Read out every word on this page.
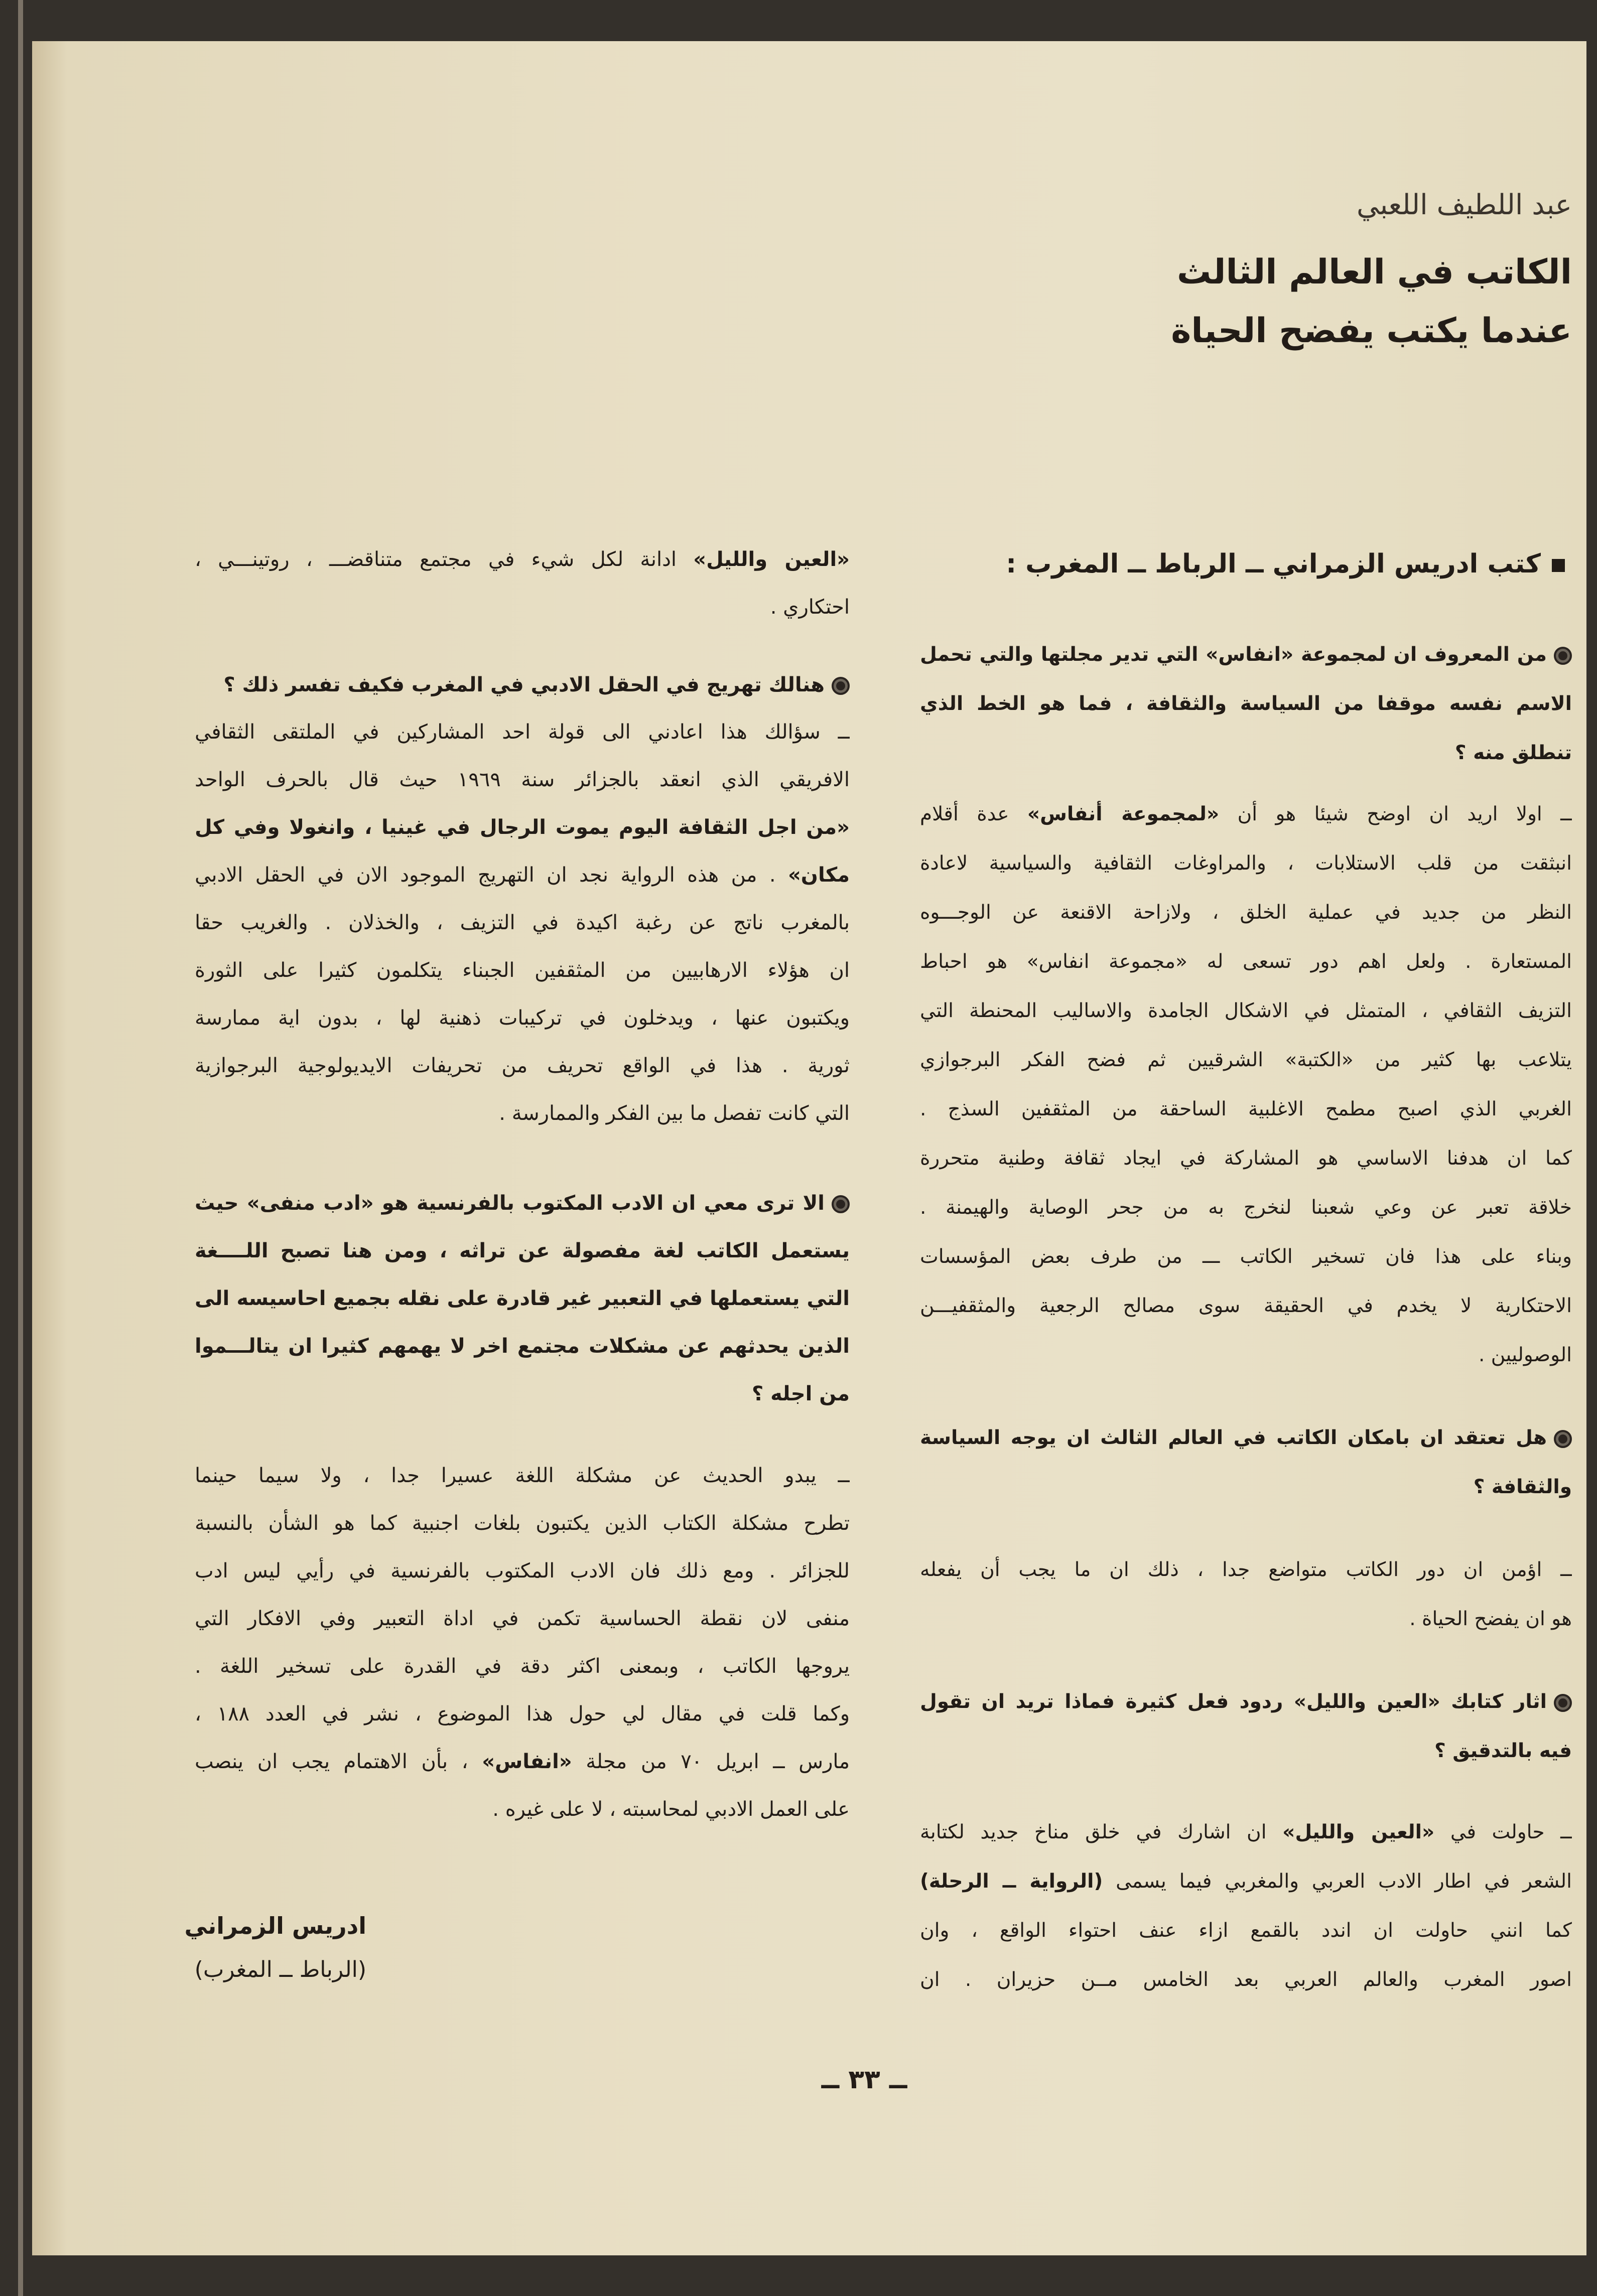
عبد اللطيف اللعبي
الكاتب في العالم الثالث
عندما يكتب يفضح الحياة
كتب ادريس الزمراني ــ الرباط ــ المغرب :
من المعروف ان لمجموعة «انفاس» التي تدير مجلتها والتي تحمل
الاسم نفسه موقفا من السياسة والثقافة ، فما هو الخط الذي
تنطلق منه ؟
ــ اولا اريد ان اوضح شيئا هو أن «لمجموعة أنفاس» عدة أقلام
انبثقت من قلب الاستلابات ، والمراوغات الثقافية والسياسية لاعادة
النظر من جديد في عملية الخلق ، ولازاحة الاقنعة عن الوجـــوه
المستعارة . ولعل اهم دور تسعى له «مجموعة انفاس» هو احباط
التزيف الثقافي ، المتمثل في الاشكال الجامدة والاساليب المحنطة التي
يتلاعب بها كثير من «الكتبة» الشرقيين ثم فضح الفكر البرجوازي
الغربي الذي اصبح مطمح الاغلبية الساحقة من المثقفين السذج .
كما ان هدفنا الاساسي هو المشاركة في ايجاد ثقافة وطنية متحررة
خلاقة تعبر عن وعي شعبنا لنخرج به من جحر الوصاية والهيمنة .
وبناء على هذا فان تسخير الكاتب ـــ من طرف بعض المؤسسات
الاحتكارية لا يخدم في الحقيقة سوى مصالح الرجعية والمثقفيـــن
الوصوليين .
هل تعتقد ان بامكان الكاتب في العالم الثالث ان يوجه السياسة
والثقافة ؟
ــ اؤمن ان دور الكاتب متواضع جدا ، ذلك ان ما يجب أن يفعله
هو ان يفضح الحياة .
اثار كتابك «العين والليل» ردود فعل كثيرة فماذا تريد ان تقول
فيه بالتدقيق ؟
ــ حاولت في «العين والليل» ان اشارك في خلق مناخ جديد لكتابة
الشعر في اطار الادب العربي والمغربي فيما يسمى (الرواية ــ الرحلة)
كما انني حاولت ان اندد بالقمع ازاء عنف احتواء الواقع ، وان
اصور المغرب والعالم العربي بعد الخامس مــن حزيران . ان
«العين والليل» ادانة لكل شيء في مجتمع متناقضـــ ، روتينـــي ،
احتكاري .
هنالك تهريج في الحقل الادبي في المغرب فكيف تفسر ذلك ؟
ــ سؤالك هذا اعادني الى قولة احد المشاركين في الملتقى الثقافي
الافريقي الذي انعقد بالجزائر سنة ١٩٦٩ حيث قال بالحرف الواحد
«من اجل الثقافة اليوم يموت الرجال في غينيا ، وانغولا وفي كل
مكان» . من هذه الرواية نجد ان التهريج الموجود الان في الحقل الادبي
بالمغرب ناتج عن رغبة اكيدة في التزيف ، والخذلان . والغريب حقا
ان هؤلاء الارهابيين من المثقفين الجبناء يتكلمون كثيرا على الثورة
ويكتبون عنها ، ويدخلون في تركيبات ذهنية لها ، بدون اية ممارسة
ثورية . هذا في الواقع تحريف من تحريفات الايديولوجية البرجوازية
التي كانت تفصل ما بين الفكر والممارسة .
الا ترى معي ان الادب المكتوب بالفرنسية هو «ادب منفى» حيث
يستعمل الكاتب لغة مفصولة عن تراثه ، ومن هنا تصبح اللــــغة
التي يستعملها في التعبير غير قادرة على نقله بجميع احاسيسه الى
الذين يحدثهم عن مشكلات مجتمع اخر لا يهمهم كثيرا ان يتالـــموا
من اجله ؟
ــ يبدو الحديث عن مشكلة اللغة عسيرا جدا ، ولا سيما حينما
تطرح مشكلة الكتاب الذين يكتبون بلغات اجنبية كما هو الشأن بالنسبة
للجزائر . ومع ذلك فان الادب المكتوب بالفرنسية في رأيي ليس ادب
منفى لان نقطة الحساسية تكمن في اداة التعبير وفي الافكار التي
يروجها الكاتب ، وبمعنى اكثر دقة في القدرة على تسخير اللغة .
وكما قلت في مقال لي حول هذا الموضوع ، نشر في العدد ١٨٨ ،
مارس ــ ابريل ٧٠ من مجلة «انفاس» ، بأن الاهتمام يجب ان ينصب
على العمل الادبي لمحاسبته ، لا على غيره .
ادريس الزمراني
(الرباط ــ المغرب)
ــ ٣٣ ــ
